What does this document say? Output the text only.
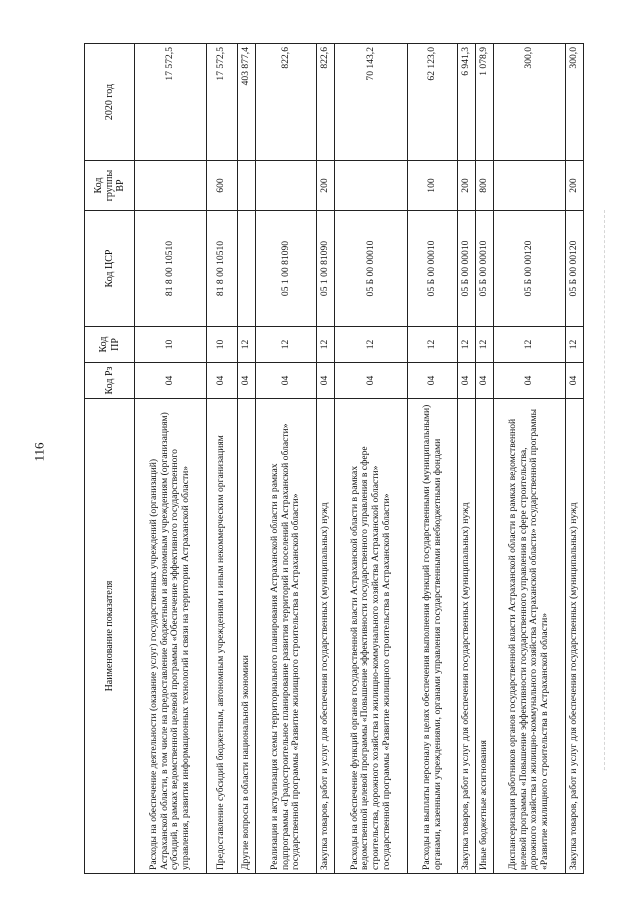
116
Наименование показателя	Код Рз	Код ПР	Код ЦСР	Код группы ВР	2020 год
Расходы на обеспечение деятельности (оказание услуг) государственных учреждений (организаций) Астраханской области, в том числе на предоставление бюджетным и автономным учреждениям (организациям) субсидий, в рамках ведомственной целевой программы «Обеспечение эффективного государственного управления, развития информационных технологий и связи на территории Астраханской области»	04	10	81 8 00 10510		17 572,5
Предоставление субсидий бюджетным, автономным учреждениям и иным некоммерческим организациям	04	10	81 8 00 10510	600	17 572,5
Другие вопросы в области национальной экономики	04	12			403 877,4
Реализация и актуализация схемы территориального планирования Астраханской области в рамках подпрограммы «Градостроительное планирование развития территорий и поселений Астраханской области» государственной программы «Развитие жилищного строительства в Астраханской области»	04	12	05 1 00 81090		822,6
Закупка товаров, работ и услуг для обеспечения государственных (муниципальных) нужд	04	12	05 1 00 81090	200	822,6
Расходы на обеспечение функций органов государственной власти Астраханской области в рамках ведомственной целевой программы «Повышение эффективности государственного управления в сфере строительства, дорожного хозяйства и жилищно-коммунального хозяйства Астраханской области» государственной программы «Развитие жилищного строительства в Астраханской области»	04	12	05 Б 00 00010		70 143,2
Расходы на выплаты персоналу в целях обеспечения выполнения функций государственными (муниципальными) органами, казенными учреждениями, органами управления государственными внебюджетными фондами	04	12	05 Б 00 00010	100	62 123,0
Закупка товаров, работ и услуг для обеспечения государственных (муниципальных) нужд	04	12	05 Б 00 00010	200	6 941,3
Иные бюджетные ассигнования	04	12	05 Б 00 00010	800	1 078,9
Диспансеризация работников органов государственной власти Астраханской области в рамках ведомственной целевой программы «Повышение эффективности государственного управления в сфере строительства, дорожного хозяйства и жилищно-коммунального хозяйства Астраханской области» государственной программы «Развитие жилищного строительства в Астраханской области»	04	12	05 Б 00 00120		300,0
Закупка товаров, работ и услуг для обеспечения государственных (муниципальных) нужд	04	12	05 Б 00 00120	200	300,0
